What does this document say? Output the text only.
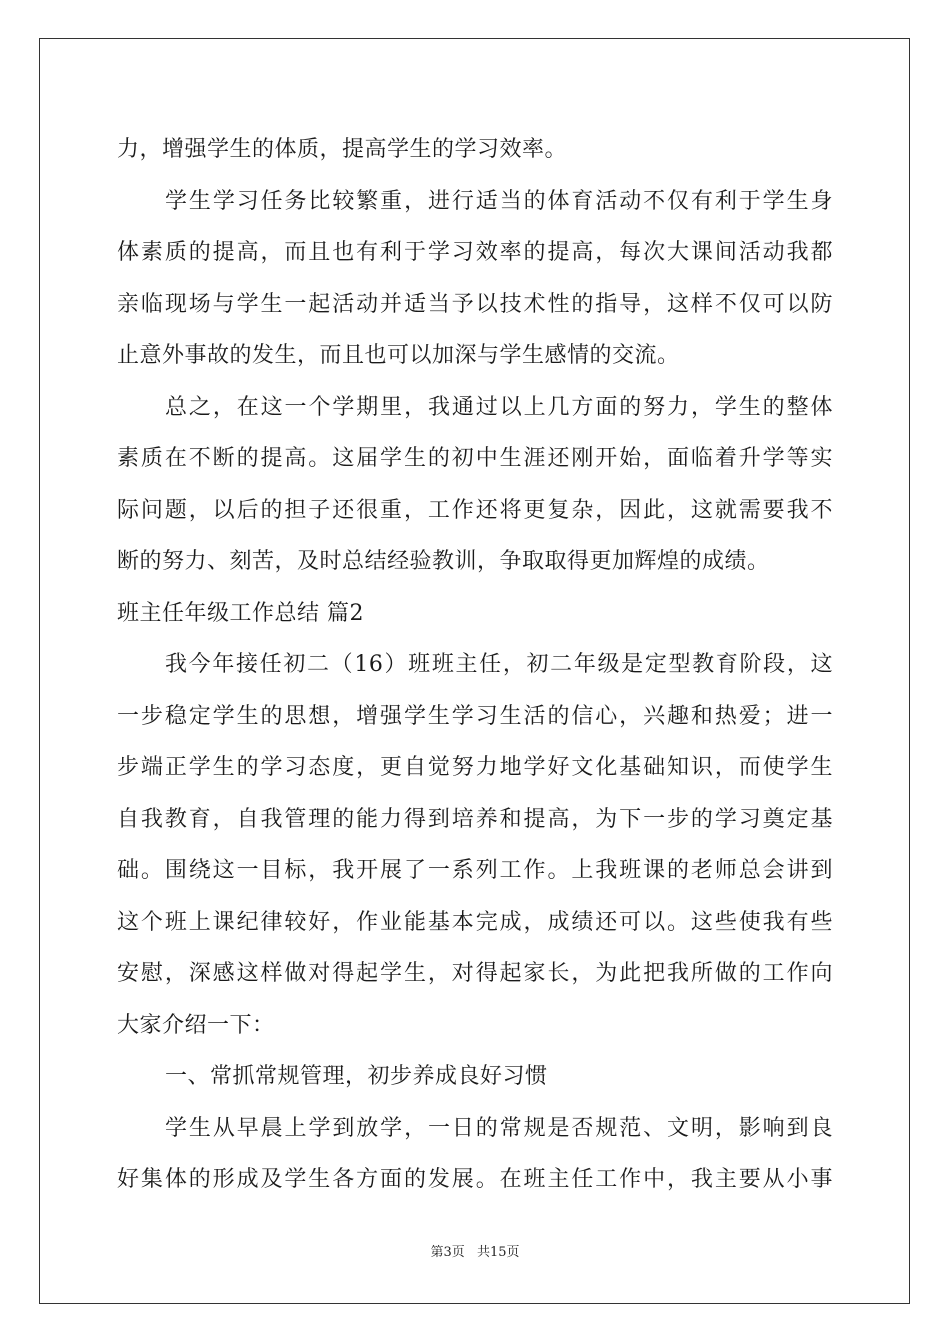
力，增强学生的体质，提高学生的学习效率。
学生学习任务比较繁重，进行适当的体育活动不仅有利于学生身
体素质的提高，而且也有利于学习效率的提高，每次大课间活动我都
亲临现场与学生一起活动并适当予以技术性的指导，这样不仅可以防
止意外事故的发生，而且也可以加深与学生感情的交流。
总之，在这一个学期里，我通过以上几方面的努力，学生的整体
素质在不断的提高。这届学生的初中生涯还刚开始，面临着升学等实
际问题，以后的担子还很重，工作还将更复杂，因此，这就需要我不
断的努力、刻苦，及时总结经验教训，争取取得更加辉煌的成绩。
班主任年级工作总结 篇2
我今年接任初二（16）班班主任，初二年级是定型教育阶段，这
一步稳定学生的思想，增强学生学习生活的信心，兴趣和热爱；进一
步端正学生的学习态度，更自觉努力地学好文化基础知识，而使学生
自我教育，自我管理的能力得到培养和提高，为下一步的学习奠定基
础。围绕这一目标，我开展了一系列工作。上我班课的老师总会讲到
这个班上课纪律较好，作业能基本完成，成绩还可以。这些使我有些
安慰，深感这样做对得起学生，对得起家长，为此把我所做的工作向
大家介绍一下：
一、常抓常规管理，初步养成良好习惯
学生从早晨上学到放学，一日的常规是否规范、文明，影响到良
好集体的形成及学生各方面的发展。在班主任工作中，我主要从小事
第3页 共15页
